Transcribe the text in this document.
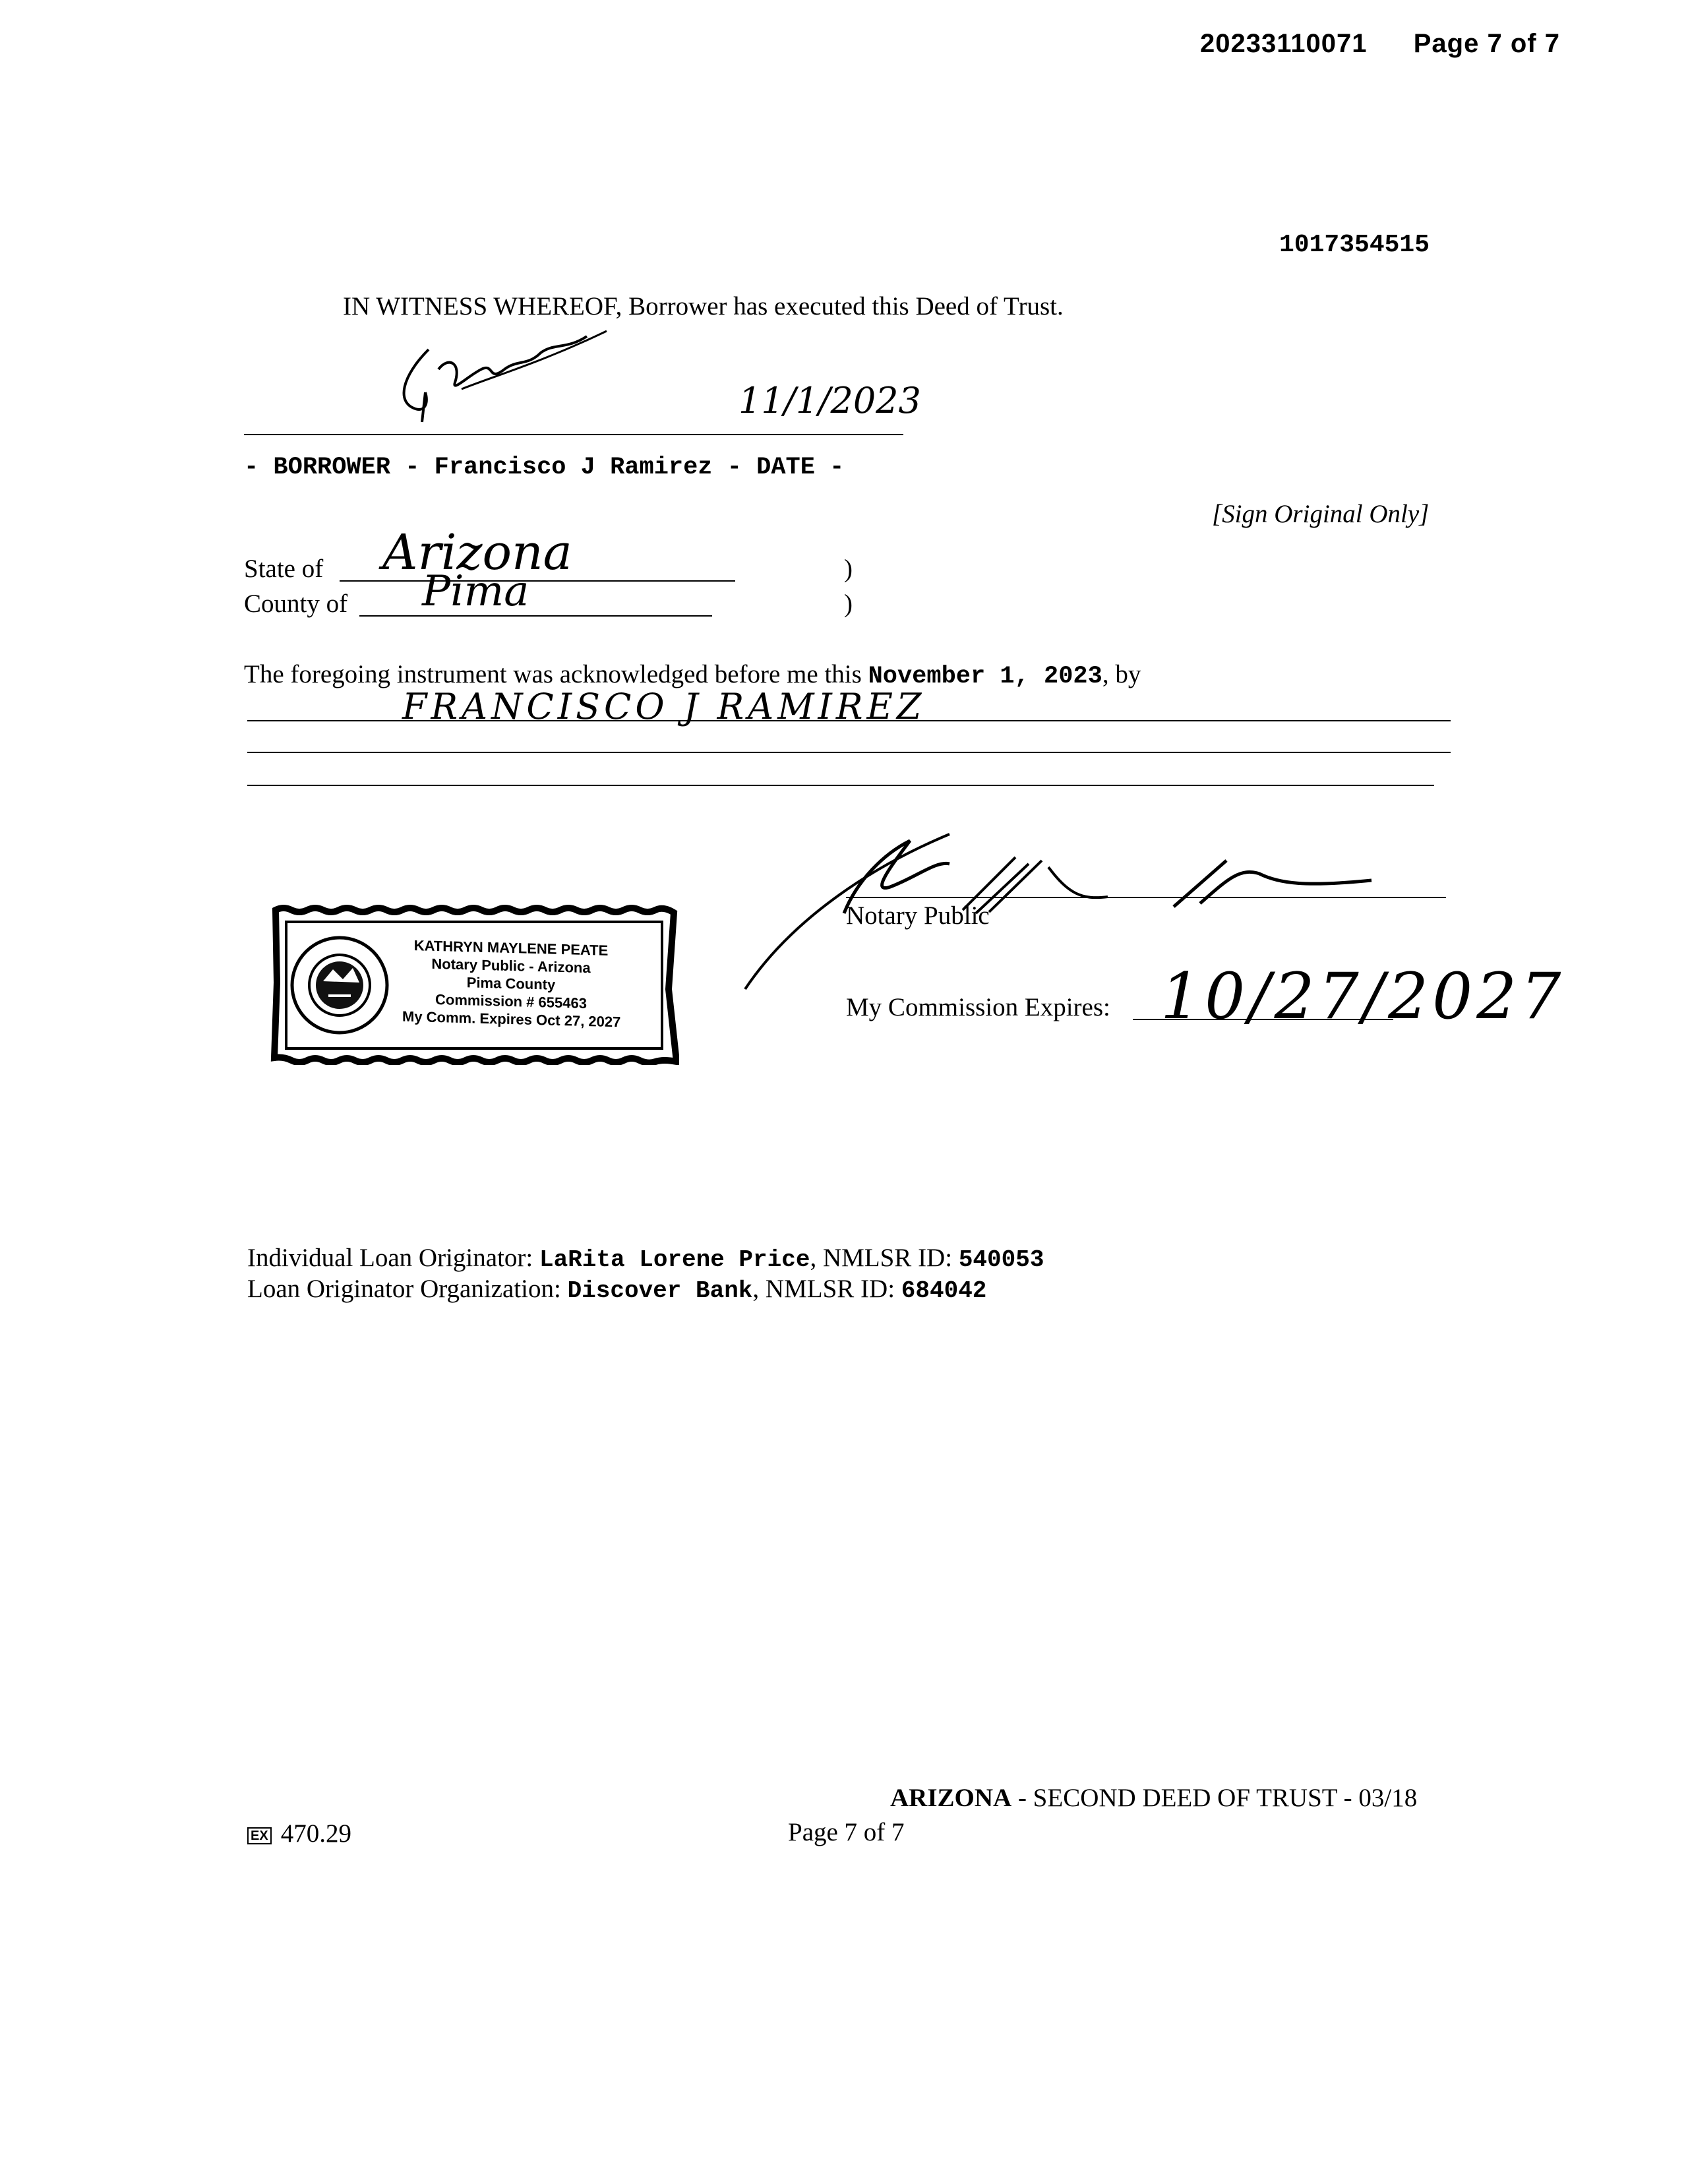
20233110071 Page 7 of 7
1017354515
IN WITNESS WHEREOF, Borrower has executed this Deed of Trust.
11/1/2023
- BORROWER - Francisco J Ramirez - DATE -
[Sign Original Only]
State of Arizona	)
County of Pima	)
The foregoing instrument was acknowledged before me this November 1, 2023, by
FRANCISCO J RAMIREZ
KATHRYN MAYLENE PEATE
Notary Public - Arizona
Pima County
Commission # 655463
My Comm. Expires Oct 27, 2027
Notary Public
My Commission Expires: 10/27/2027
Individual Loan Originator: LaRita Lorene Price, NMLSR ID: 540053
Loan Originator Organization: Discover Bank, NMLSR ID: 684042
ARIZONA - SECOND DEED OF TRUST - 03/18
EX 470.29	Page 7 of 7
